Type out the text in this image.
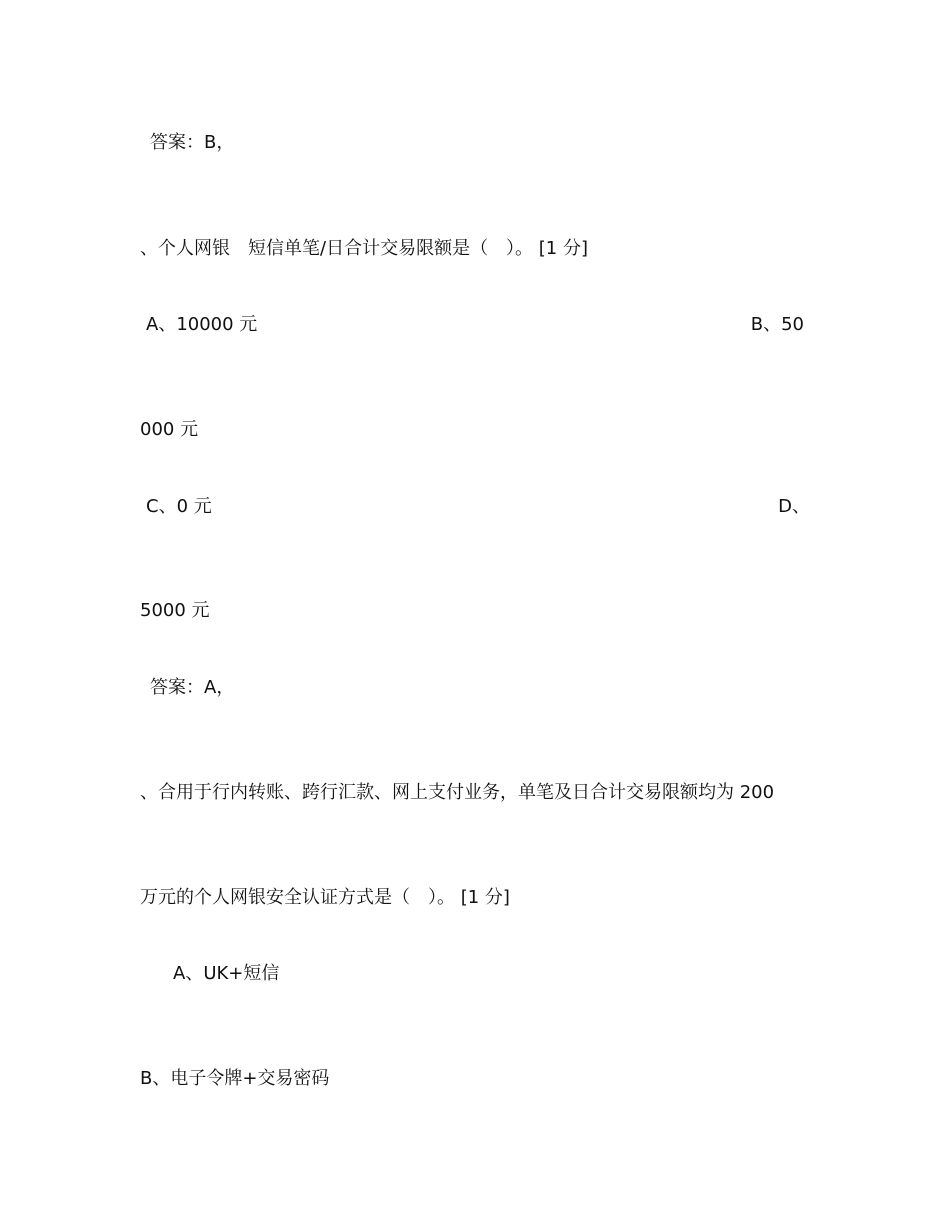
答案：B，

、个人网银　短信单笔/日合计交易限额是（　）。 [1 分]

A、10000 元	B、50

000 元

C、0 元	D、

5000 元

答案：A，

、合用于行内转账、跨行汇款、网上支付业务，单笔及日合计交易限额均为 200

万元的个人网银安全认证方式是（　）。 [1 分]

A、UK+短信

B、电子令牌+交易密码
